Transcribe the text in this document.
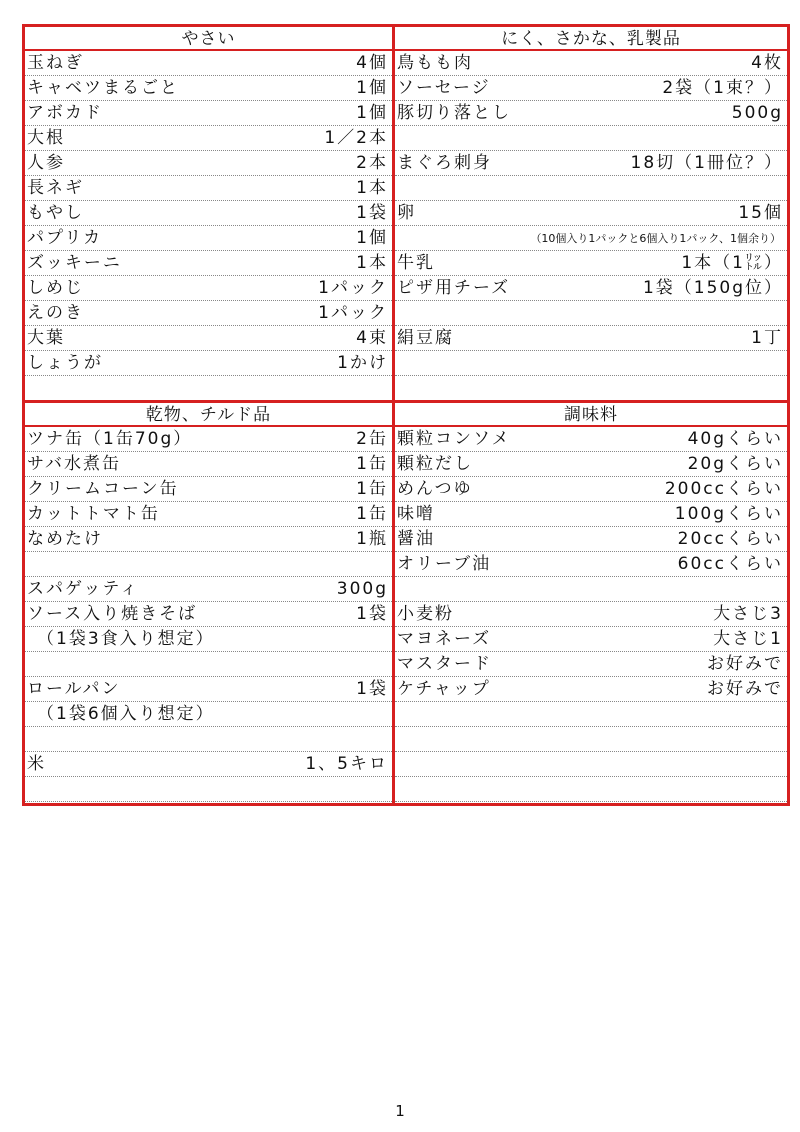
やさい
玉ねぎ	4個
キャベツまるごと	1個
アボカド	1個
大根	1／2本
人参	2本
長ネギ	1本
もやし	1袋
パプリカ	1個
ズッキーニ	1本
しめじ	1パック
えのき	1パック
大葉	4束
しょうが	1かけ
にく、さかな、乳製品
鳥もも肉	4枚
ソーセージ	2袋（1束？）
豚切り落とし	500g
まぐろ刺身	18切（1冊位？）
卵	15個
（10個入り1パックと6個入り1パック、1個余り）
牛乳	1本（1㍑）
ピザ用チーズ	1袋（150g位）
絹豆腐	1丁
乾物、チルド品
ツナ缶（1缶70g）	2缶
サバ水煮缶	1缶
クリームコーン缶	1缶
カットトマト缶	1缶
なめたけ	1瓶
スパゲッティ	300g
ソース入り焼きそば	1袋
（1袋3食入り想定）
ロールパン	1袋
（1袋6個入り想定）
米	1、5キロ
調味料
顆粒コンソメ	40gくらい
顆粒だし	20gくらい
めんつゆ	200ccくらい
味噌	100gくらい
醤油	20ccくらい
オリーブ油	60ccくらい
小麦粉	大さじ3
マヨネーズ	大さじ1
マスタード	お好みで
ケチャップ	お好みで
1
